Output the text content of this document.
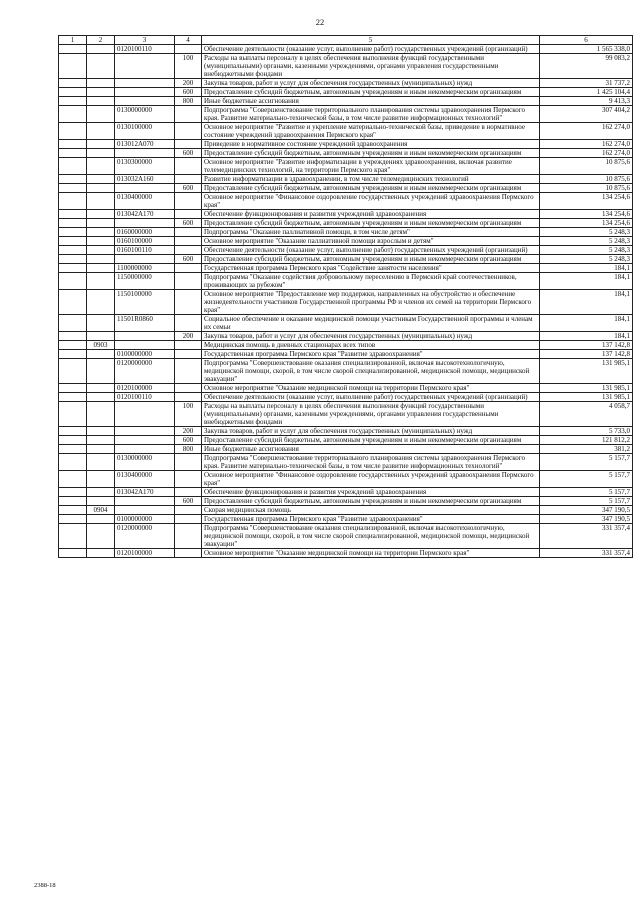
22
1	2	3	4	5	6
		0120100110		Обеспечение деятельности (оказание услуг, выполнение работ) государственных учреждений (организаций)	1 565 338,0
			100	Расходы на выплаты персоналу в целях обеспечения выполнения функций государственными (муниципальными) органами, казенными учреждениями, органами управления государственными внебюджетными фондами	99 083,2
			200	Закупка товаров, работ и услуг для обеспечения государственных (муниципальных) нужд	31 737,2
			600	Предоставление субсидий бюджетным, автономным учреждениям и иным некоммерческим организациям	1 425 104,4
			800	Иные бюджетные ассигнования	9 413,3
		0130000000		Подпрограмма "Совершенствование территориального планирования системы здравоохранения Пермского края. Развитие материально-технической базы, в том числе развитие информационных технологий"	307 404,2
		0130100000		Основное мероприятие "Развитие и укрепление материально-технической базы, приведение в нормативное состояние учреждений здравоохранения Пермского края"	162 274,0
		013012А070		Приведение в нормативное состояние учреждений здравоохранения	162 274,0
			600	Предоставление субсидий бюджетным, автономным учреждениям и иным некоммерческим организациям	162 274,0
		0130300000		Основное мероприятие "Развитие информатизации в учреждениях здравоохранения, включая развитие телемедицинских технологий, на территории Пермского края"	10 875,6
		013032А160		Развитие информатизации в здравоохранении, в том числе телемедицинских технологий	10 875,6
			600	Предоставление субсидий бюджетным, автономным учреждениям и иным некоммерческим организациям	10 875,6
		0130400000		Основное мероприятие "Финансовое оздоровление государственных учреждений здравоохранения Пермского края"	134 254,6
		013042А170		Обеспечение функционирования и развития учреждений здравоохранения	134 254,6
			600	Предоставление субсидий бюджетным, автономным учреждениям и иным некоммерческим организациям	134 254,6
		0160000000		Подпрограмма "Оказание паллиативной помощи, в том числе детям"	5 248,3
		0160100000		Основное мероприятие "Оказание паллиативной помощи взрослым и детям"	5 248,3
		0160100110		Обеспечение деятельности (оказание услуг, выполнение работ) государственных учреждений (организаций)	5 248,3
			600	Предоставление субсидий бюджетным, автономным учреждениям и иным некоммерческим организациям	5 248,3
		1100000000		Государственная программа Пермского края "Содействие занятости населения"	184,1
		1150000000		Подпрограмма "Оказание содействия добровольному переселению в Пермский край соотечественников, проживающих за рубежом"	184,1
		1150100000		Основное мероприятие "Предоставление мер поддержки, направленных на обустройство и обеспечение жизнедеятельности участников Государственной программы РФ и членов их семей на территории Пермского края"	184,1
		11501R0860		Социальное обеспечение и оказание медицинской помощи участникам Государственной программы и членам их семьи	184,1
			200	Закупка товаров, работ и услуг для обеспечения государственных (муниципальных) нужд	184,1
	0903			Медицинская помощь в дневных стационарах всех типов	137 142,8
		0100000000		Государственная программа Пермского края "Развитие здравоохранения"	137 142,8
		0120000000		Подпрограмма "Совершенствование оказания специализированной, включая высокотехнологичную, медицинской помощи, скорой, в том числе скорой специализированной, медицинской помощи, медицинской эвакуации"	131 985,1
		0120100000		Основное мероприятие "Оказание медицинской помощи на территории Пермского края"	131 985,1
		0120100110		Обеспечение деятельности (оказание услуг, выполнение работ) государственных учреждений (организаций)	131 985,1
			100	Расходы на выплаты персоналу в целях обеспечения выполнения функций государственными (муниципальными) органами, казенными учреждениями, органами управления государственными внебюджетными фондами	4 058,7
			200	Закупка товаров, работ и услуг для обеспечения государственных (муниципальных) нужд	5 733,0
			600	Предоставление субсидий бюджетным, автономным учреждениям и иным некоммерческим организациям	121 812,2
			800	Иные бюджетные ассигнования	381,2
		0130000000		Подпрограмма "Совершенствование территориального планирования системы здравоохранения Пермского края. Развитие материально-технической базы, в том числе развитие информационных технологий"	5 157,7
		0130400000		Основное мероприятие "Финансовое оздоровление государственных учреждений здравоохранения Пермского края"	5 157,7
		013042А170		Обеспечение функционирования и развития учреждений здравоохранения	5 157,7
			600	Предоставление субсидий бюджетным, автономным учреждениям и иным некоммерческим организациям	5 157,7
	0904			Скорая медицинская помощь	347 190,5
		0100000000		Государственная программа Пермского края "Развитие здравоохранения"	347 190,5
		0120000000		Подпрограмма "Совершенствование оказания специализированной, включая высокотехнологичную, медицинской помощи, скорой, в том числе скорой специализированной, медицинской помощи, медицинской эвакуации"	331 357,4
		0120100000		Основное мероприятие "Оказание медицинской помощи на территории Пермского края"	331 357,4
2388-18
